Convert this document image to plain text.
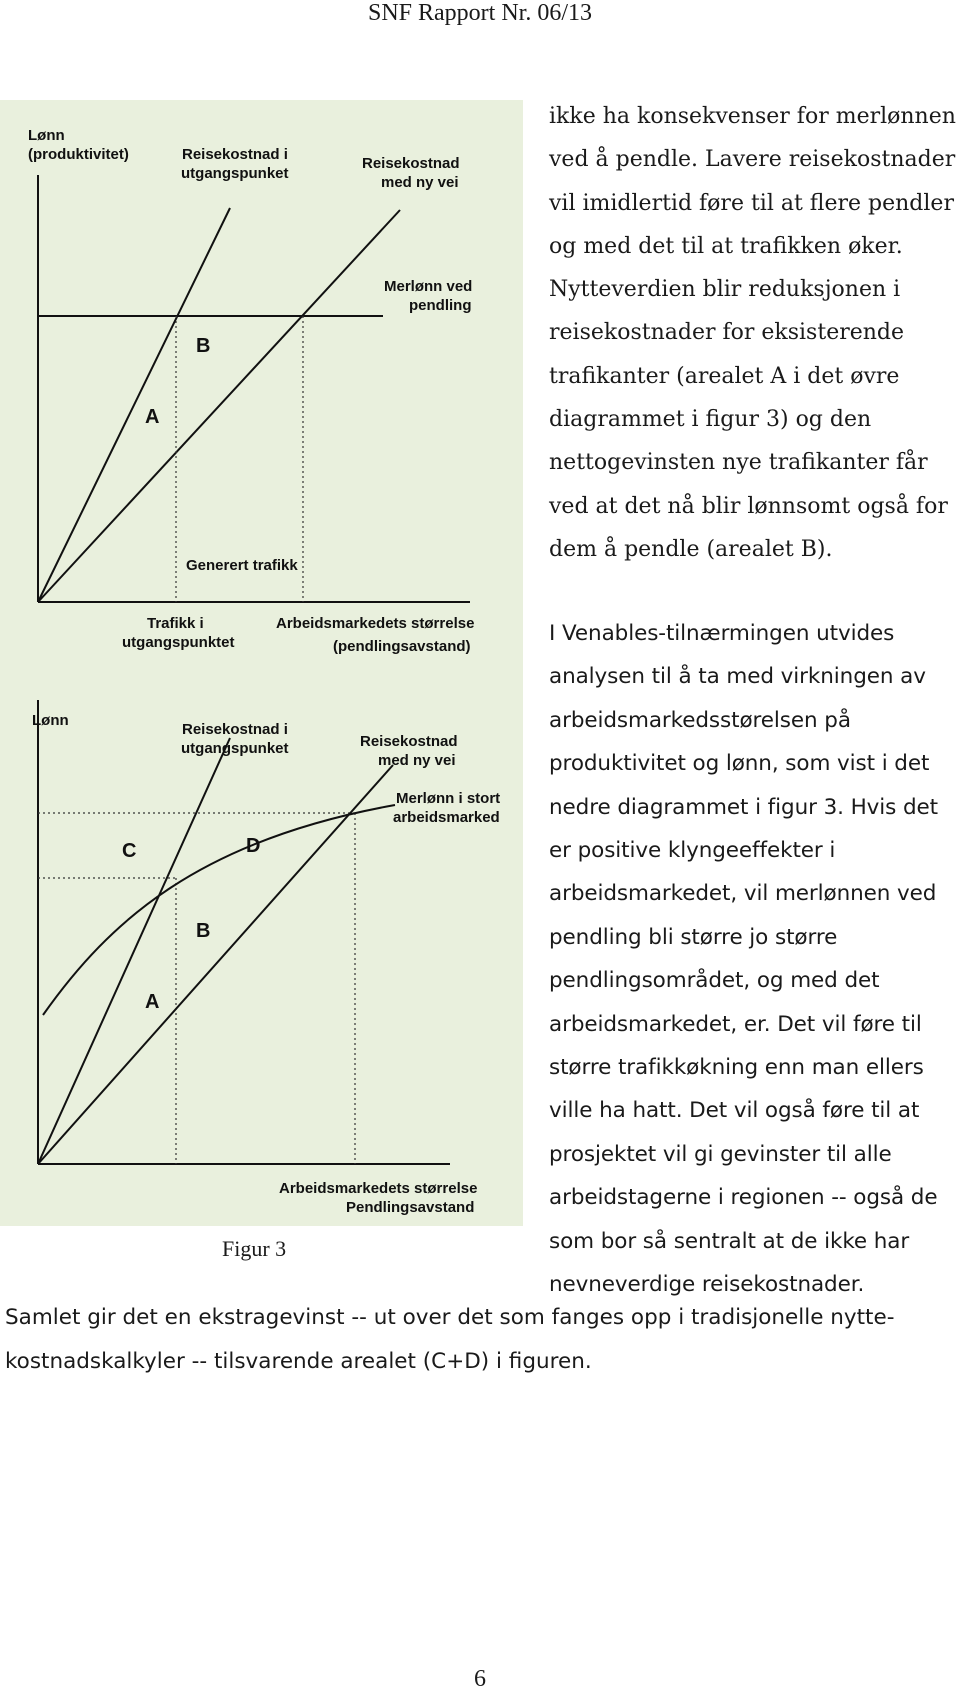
SNF Rapport Nr. 06/13
Lønn
(produktivitet)	Reisekostnad i
utgangspunket
Reisekostnad
med ny vei
Merlønn ved
pendling
A
B
Generert trafikk
Trafikk i
utgangspunktet
Arbeidsmarkedets størrelse
(pendlingsavstand)
Lønn
Reisekostnad i
utgangspunket	Reisekostnad
med ny vei
Merlønn i stort
arbeidsmarked
C	D
B
A
Arbeidsmarkedets størrelse
Pendlingsavstand
Figur 3
ikke ha konsekvenser for merlønnen
ved å pendle. Lavere reisekostnader
vil imidlertid føre til at flere pendler
og med det til at trafikken øker.
Nytteverdien blir reduksjonen i
reisekostnader for eksisterende
trafikanter (arealet A i det øvre
diagrammet i figur 3) og den
nettogevinsten nye trafikanter får
ved at det nå blir lønnsomt også for
dem å pendle (arealet B).
I Venables-tilnærmingen utvides
analysen til å ta med virkningen av
arbeidsmarkedsstørelsen på
produktivitet og lønn, som vist i det
nedre diagrammet i figur 3. Hvis det
er positive klyngeeffekter i
arbeidsmarkedet, vil merlønnen ved
pendling bli større jo større
pendlingsområdet, og med det
arbeidsmarkedet, er. Det vil føre til
større trafikkøkning enn man ellers
ville ha hatt. Det vil også føre til at
prosjektet vil gi gevinster til alle
arbeidstagerne i regionen -- også de
som bor så sentralt at de ikke har
nevneverdige reisekostnader.
Samlet gir det en ekstragevinst -- ut over det som fanges opp i tradisjonelle nytte-
kostnadskalkyler -- tilsvarende arealet (C+D) i figuren.
6
